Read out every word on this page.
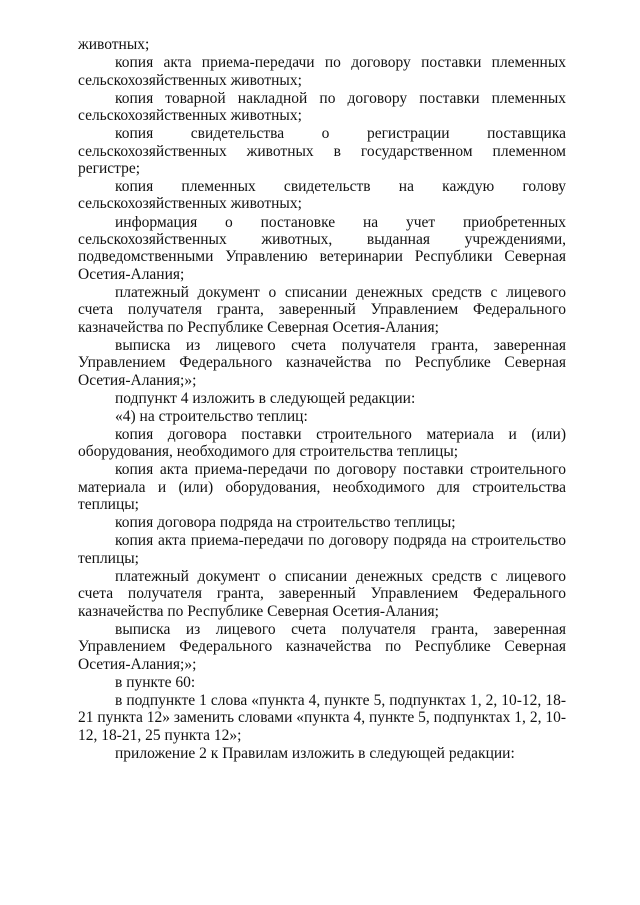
животных;

копия акта приема-передачи по договору поставки племенных сельскохозяйственных животных;

копия товарной накладной по договору поставки племенных сельскохозяйственных животных;

копия свидетельства о регистрации поставщика сельскохозяйственных животных в государственном племенном регистре;

копия племенных свидетельств на каждую голову сельскохозяйственных животных;

информация о постановке на учет приобретенных сельскохозяйственных животных, выданная учреждениями, подведомственными Управлению ветеринарии Республики Северная Осетия-Алания;

платежный документ о списании денежных средств с лицевого счета получателя гранта, заверенный Управлением Федерального казначейства по Республике Северная Осетия-Алания;

выписка из лицевого счета получателя гранта, заверенная Управлением Федерального казначейства по Республике Северная Осетия-Алания;»;

подпункт 4 изложить в следующей редакции:

«4) на строительство теплиц:

копия договора поставки строительного материала и (или) оборудования, необходимого для строительства теплицы;

копия акта приема-передачи по договору поставки строительного материала и (или) оборудования, необходимого для строительства теплицы;

копия договора подряда на строительство теплицы;

копия акта приема-передачи по договору подряда на строительство теплицы;

платежный документ о списании денежных средств с лицевого счета получателя гранта, заверенный Управлением Федерального казначейства по Республике Северная Осетия-Алания;

выписка из лицевого счета получателя гранта, заверенная Управлением Федерального казначейства по Республике Северная Осетия-Алания;»;

в пункте 60:

в подпункте 1 слова «пункта 4, пункте 5, подпунктах 1, 2, 10-12, 18-21 пункта 12» заменить словами «пункта 4, пункте 5, подпунктах 1, 2, 10-12, 18-21, 25 пункта 12»;

приложение 2 к Правилам изложить в следующей редакции:
